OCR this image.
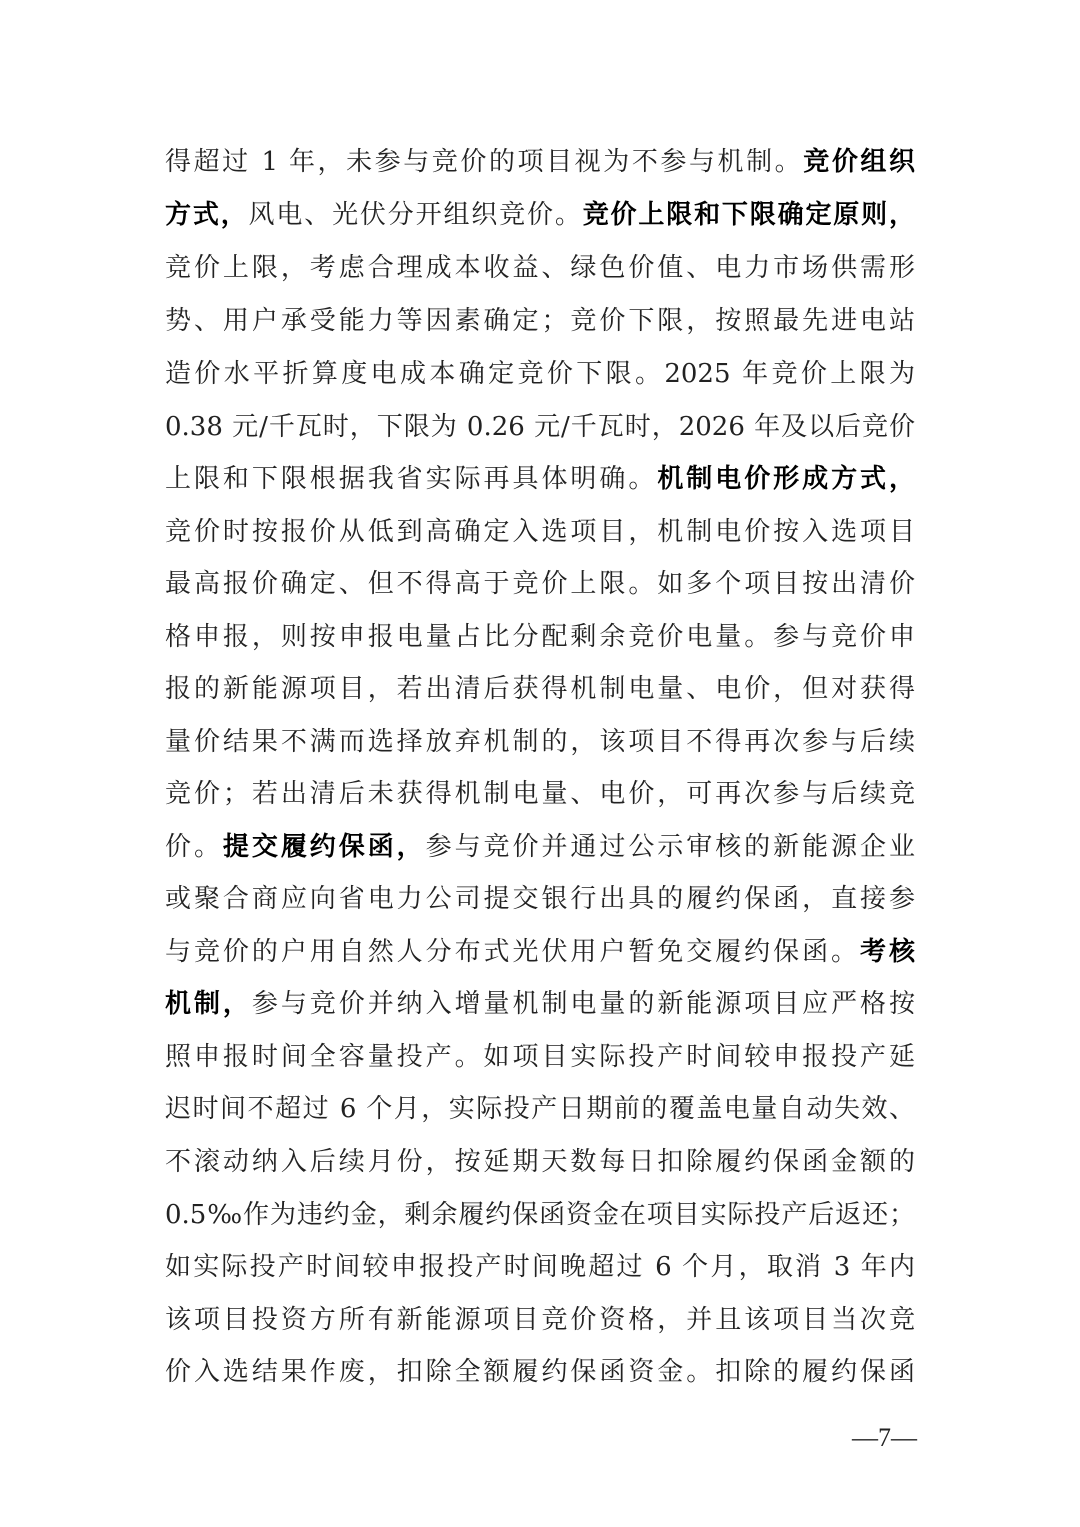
得超过 1 年，未参与竞价的项目视为不参与机制。竞价组织
方式，风电、光伏分开组织竞价。竞价上限和下限确定原则，
竞价上限，考虑合理成本收益、绿色价值、电力市场供需形
势、用户承受能力等因素确定；竞价下限，按照最先进电站
造价水平折算度电成本确定竞价下限。2025 年竞价上限为
0.38 元/千瓦时，下限为 0.26 元/千瓦时，2026 年及以后竞价
上限和下限根据我省实际再具体明确。机制电价形成方式，
竞价时按报价从低到高确定入选项目，机制电价按入选项目
最高报价确定、但不得高于竞价上限。如多个项目按出清价
格申报，则按申报电量占比分配剩余竞价电量。参与竞价申
报的新能源项目，若出清后获得机制电量、电价，但对获得
量价结果不满而选择放弃机制的，该项目不得再次参与后续
竞价；若出清后未获得机制电量、电价，可再次参与后续竞
价。提交履约保函，参与竞价并通过公示审核的新能源企业
或聚合商应向省电力公司提交银行出具的履约保函，直接参
与竞价的户用自然人分布式光伏用户暂免交履约保函。考核
机制，参与竞价并纳入增量机制电量的新能源项目应严格按
照申报时间全容量投产。如项目实际投产时间较申报投产延
迟时间不超过 6 个月，实际投产日期前的覆盖电量自动失效、
不滚动纳入后续月份，按延期天数每日扣除履约保函金额的
0.5‰作为违约金，剩余履约保函资金在项目实际投产后返还；
如实际投产时间较申报投产时间晚超过 6 个月，取消 3 年内
该项目投资方所有新能源项目竞价资格，并且该项目当次竞
价入选结果作废，扣除全额履约保函资金。扣除的履约保函
—7—
